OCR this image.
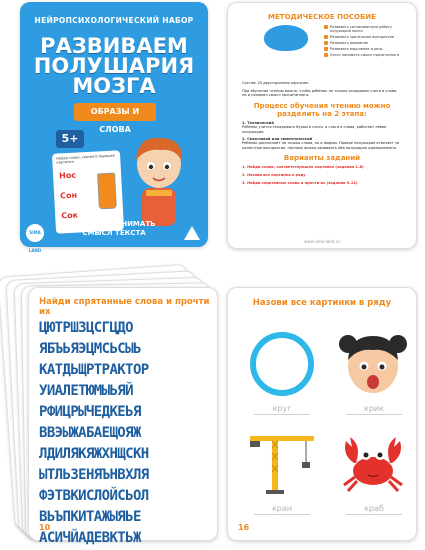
НЕЙРОПСИХОЛОГИЧЕСКИЙ НАБОР
РАЗВИВАЕМ
ПОЛУШАРИЯ
МОЗГА
ОБРАЗЫ И СЛОВА
5+
Найди слово, соответствующее картинке
Нос
Сон
Сок
УЧИМСЯ ПОНИМАТЬ
СМЫСЛ ТЕКСТА
SIMA LAND
МЕТОДИЧЕСКОЕ ПОСОБИЕ
Развивать согласованную работу полушарий мозга
Развивать зрительное восприятие
Развивать внимание
Развивать мышление и речь
Учить понимать смысл прочитанного
Состав: 25 двусторонних карточек.
При обучении чтению важно, чтобы ребёнок не только складывал слоги в слова, но и понимал смысл прочитанного.
Процесс обучения чтению можно разделить на 2 этапа:
1. Технический
Ребёнок учится складывать буквы в слоги, а слоги в слова, работает левое полушарие.
2. Смысловой или семантический
Ребёнок распознаёт не только слова, но и формы. Правое полушарие отвечает за целостное восприятие, поэтому важно развивать оба полушария одновременно.
Варианты заданий
1. Найди слово, соответствующее картинке (задания 1–8)
2. Назови все картинки в ряду
3. Найди спрятанные слова и прочти их (задания 9–12)
www.sima-land.ru
Найди спрятанные слова и прочти их
ЦЮТРШЗЦСГЦДО
ЯБЪЬЯЭЦМСЬСЫЬ
КАТДЬЩРТРАКТОР
УИАЛЕТЮМЫЬЯЙ
РФИЦРЫЧЕДКЕЬЯ
ВВЭЫЖАБАЕЩОЯЖ
ЛДИЛЯКЯЖХНЩСКН
ЫТЛЬЗЕНЯЪНВХЛЯ
ФЭТВКИСЛОЙСЬОЛ
ВЬЪПКИТАЖЫЯЬЕ
АСИЧЙАДЕВКТЬЖ
10
Назови все картинки в ряду
круг	крик
кран	краб
16
